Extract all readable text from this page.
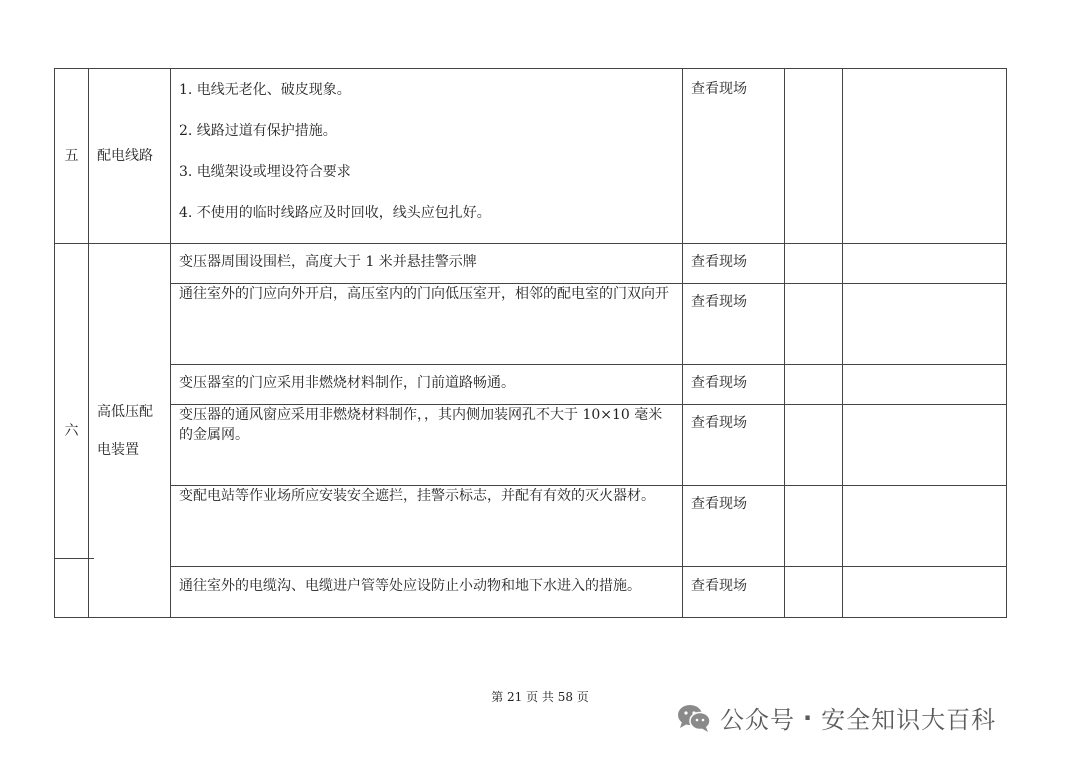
五	配电线路	1. 电线无老化、破皮现象。
2. 线路过道有保护措施。
3. 电缆架设或埋设符合要求
4. 不使用的临时线路应及时回收，线头应包扎好。	查看现场		
六	高低压配
电装置	变压器周围设围栏，高度大于 1 米并悬挂警示牌	查看现场		
		通往室外的门应向外开启，高压室内的门向低压室开，相邻的配电室的门双向开	查看现场		
		变压器室的门应采用非燃烧材料制作，门前道路畅通。	查看现场		
		变压器的通风窗应采用非燃烧材料制作，，其内侧加装网孔不大于 10×10 毫米的金属网。	查看现场		
		变配电站等作业场所应安装安全遮拦，挂警示标志，并配有有效的灭火器材。	查看现场		
		通往室外的电缆沟、电缆进户管等处应设防止小动物和地下水进入的措施。	查看现场		
第 21 页 共 58 页
公众号 · 安全知识大百科
